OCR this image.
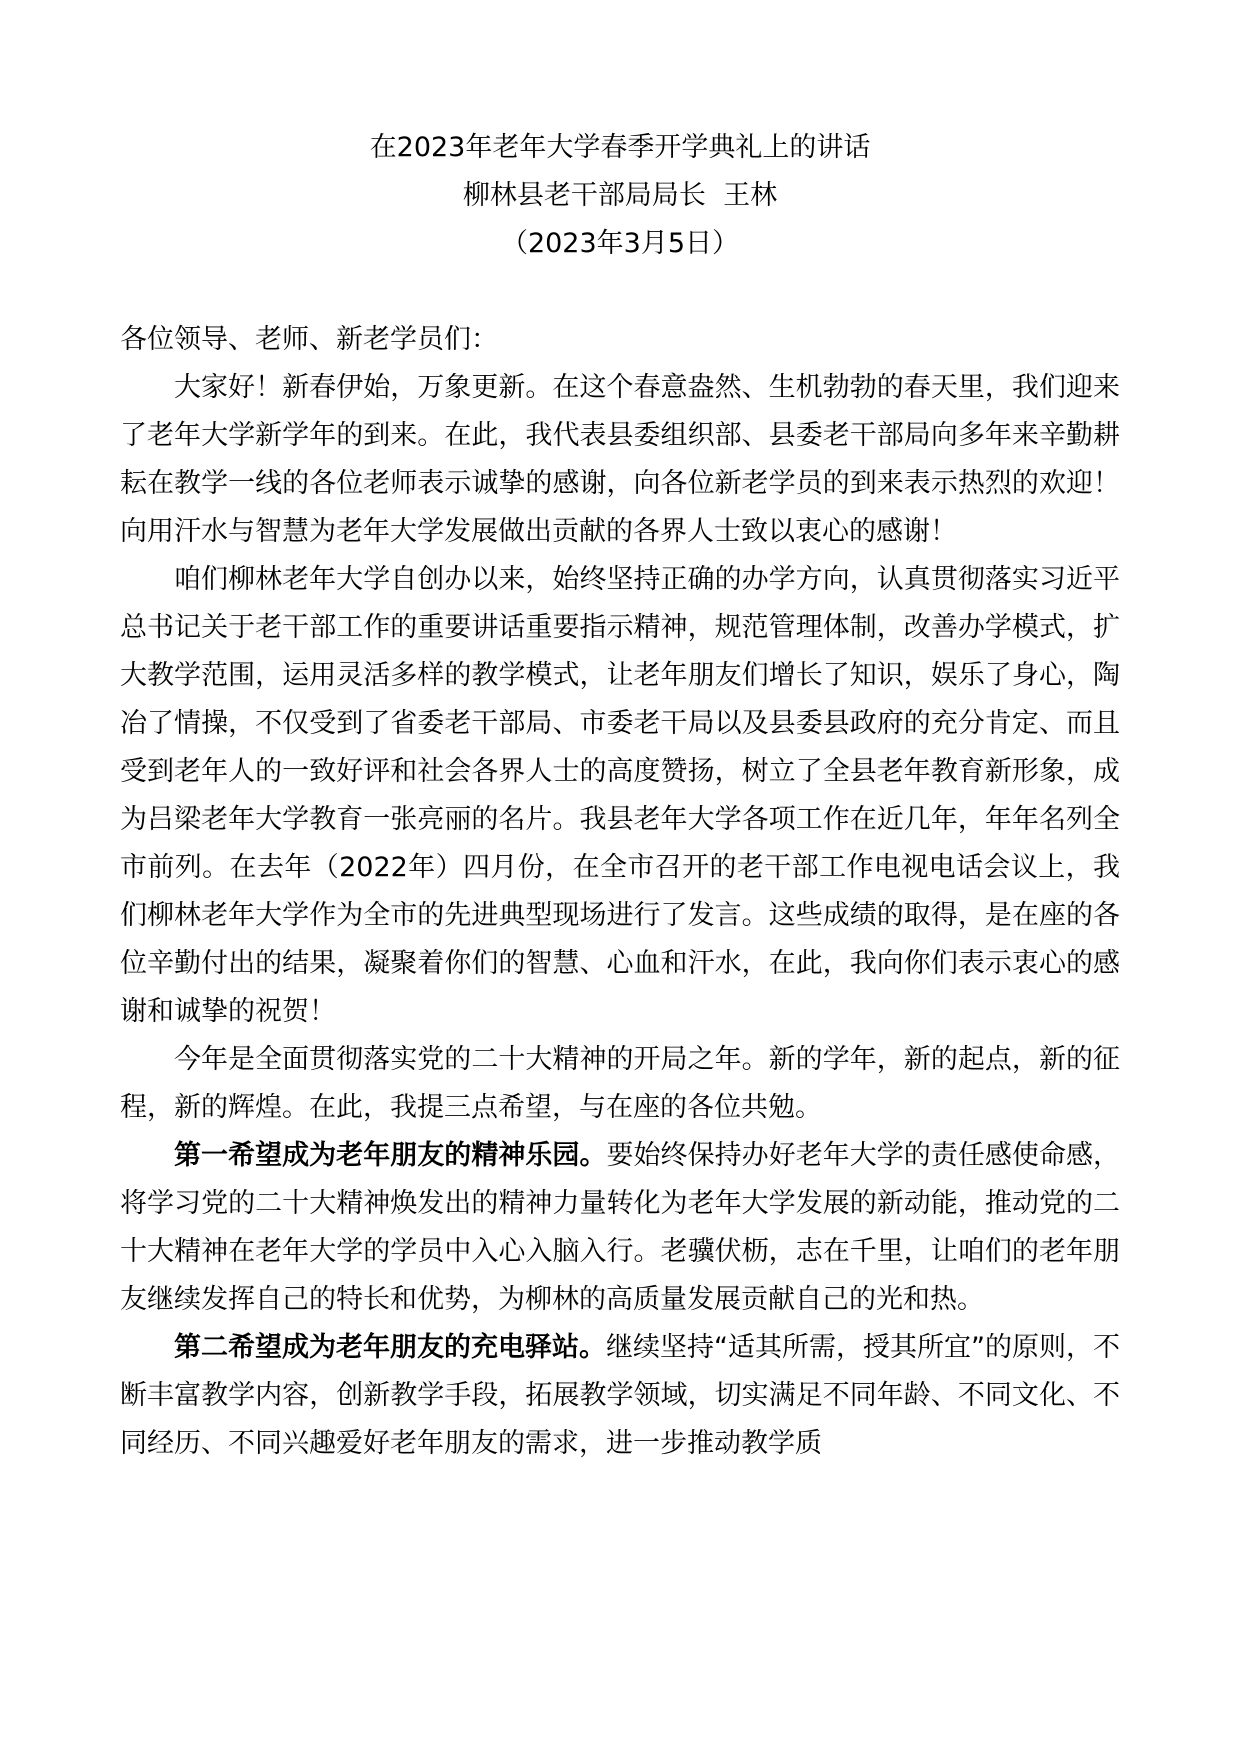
在2023年老年大学春季开学典礼上的讲话
柳林县老干部局局长  王林
（2023年3月5日）

各位领导、老师、新老学员们：

大家好！新春伊始，万象更新。在这个春意盎然、生机勃勃的春天里，我们迎来了老年大学新学年的到来。在此，我代表县委组织部、县委老干部局向多年来辛勤耕耘在教学一线的各位老师表示诚挚的感谢，向各位新老学员的到来表示热烈的欢迎！向用汗水与智慧为老年大学发展做出贡献的各界人士致以衷心的感谢！

咱们柳林老年大学自创办以来，始终坚持正确的办学方向，认真贯彻落实习近平总书记关于老干部工作的重要讲话重要指示精神，规范管理体制，改善办学模式，扩大教学范围，运用灵活多样的教学模式，让老年朋友们增长了知识，娱乐了身心，陶冶了情操，不仅受到了省委老干部局、市委老干局以及县委县政府的充分肯定、而且受到老年人的一致好评和社会各界人士的高度赞扬，树立了全县老年教育新形象，成为吕梁老年大学教育一张亮丽的名片。我县老年大学各项工作在近几年，年年名列全市前列。在去年（2022年）四月份，在全市召开的老干部工作电视电话会议上，我们柳林老年大学作为全市的先进典型现场进行了发言。这些成绩的取得，是在座的各位辛勤付出的结果，凝聚着你们的智慧、心血和汗水，在此，我向你们表示衷心的感谢和诚挚的祝贺！

今年是全面贯彻落实党的二十大精神的开局之年。新的学年，新的起点，新的征程，新的辉煌。在此，我提三点希望，与在座的各位共勉。

第一希望成为老年朋友的精神乐园。要始终保持办好老年大学的责任感使命感，将学习党的二十大精神焕发出的精神力量转化为老年大学发展的新动能，推动党的二十大精神在老年大学的学员中入心入脑入行。老骥伏枥，志在千里，让咱们的老年朋友继续发挥自己的特长和优势，为柳林的高质量发展贡献自己的光和热。

第二希望成为老年朋友的充电驿站。继续坚持“适其所需，授其所宜”的原则，不断丰富教学内容，创新教学手段，拓展教学领域，切实满足不同年龄、不同文化、不同经历、不同兴趣爱好老年朋友的需求，进一步推动教学质
